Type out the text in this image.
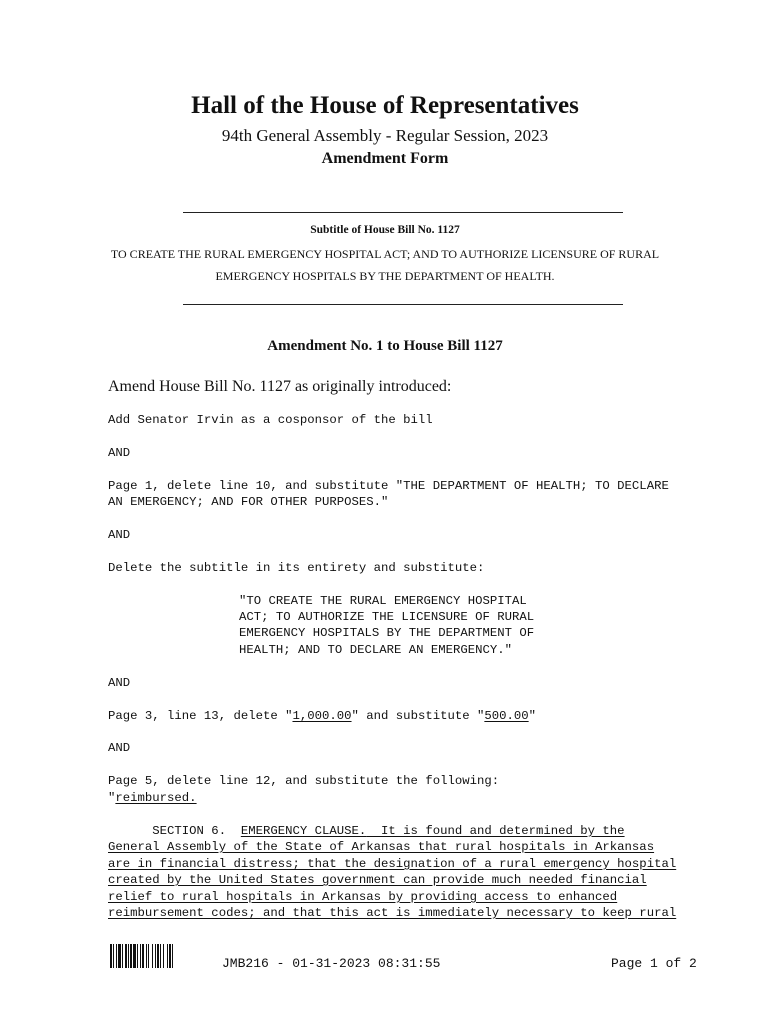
Hall of the House of Representatives
94th General Assembly - Regular Session, 2023
Amendment Form
Subtitle of House Bill No. 1127
TO CREATE THE RURAL EMERGENCY HOSPITAL ACT; AND TO AUTHORIZE LICENSURE OF RURAL
EMERGENCY HOSPITALS BY THE DEPARTMENT OF HEALTH.
Amendment No. 1 to House Bill 1127
Amend House Bill No. 1127 as originally introduced:
Add Senator Irvin as a cosponsor of the bill
AND
Page 1, delete line 10, and substitute "THE DEPARTMENT OF HEALTH; TO DECLARE
AN EMERGENCY; AND FOR OTHER PURPOSES."
AND
Delete the subtitle in its entirety and substitute:
"TO CREATE THE RURAL EMERGENCY HOSPITAL
ACT; TO AUTHORIZE THE LICENSURE OF RURAL
EMERGENCY HOSPITALS BY THE DEPARTMENT OF
HEALTH; AND TO DECLARE AN EMERGENCY."
AND
Page 3, line 13, delete "1,000.00" and substitute "500.00"
AND
Page 5, delete line 12, and substitute the following:
"reimbursed.
SECTION 6.  EMERGENCY CLAUSE.  It is found and determined by the
General Assembly of the State of Arkansas that rural hospitals in Arkansas
are in financial distress; that the designation of a rural emergency hospital
created by the United States government can provide much needed financial
relief to rural hospitals in Arkansas by providing access to enhanced
reimbursement codes; and that this act is immediately necessary to keep rural
JMB216 - 01-31-2023 08:31:55	Page 1 of 2
